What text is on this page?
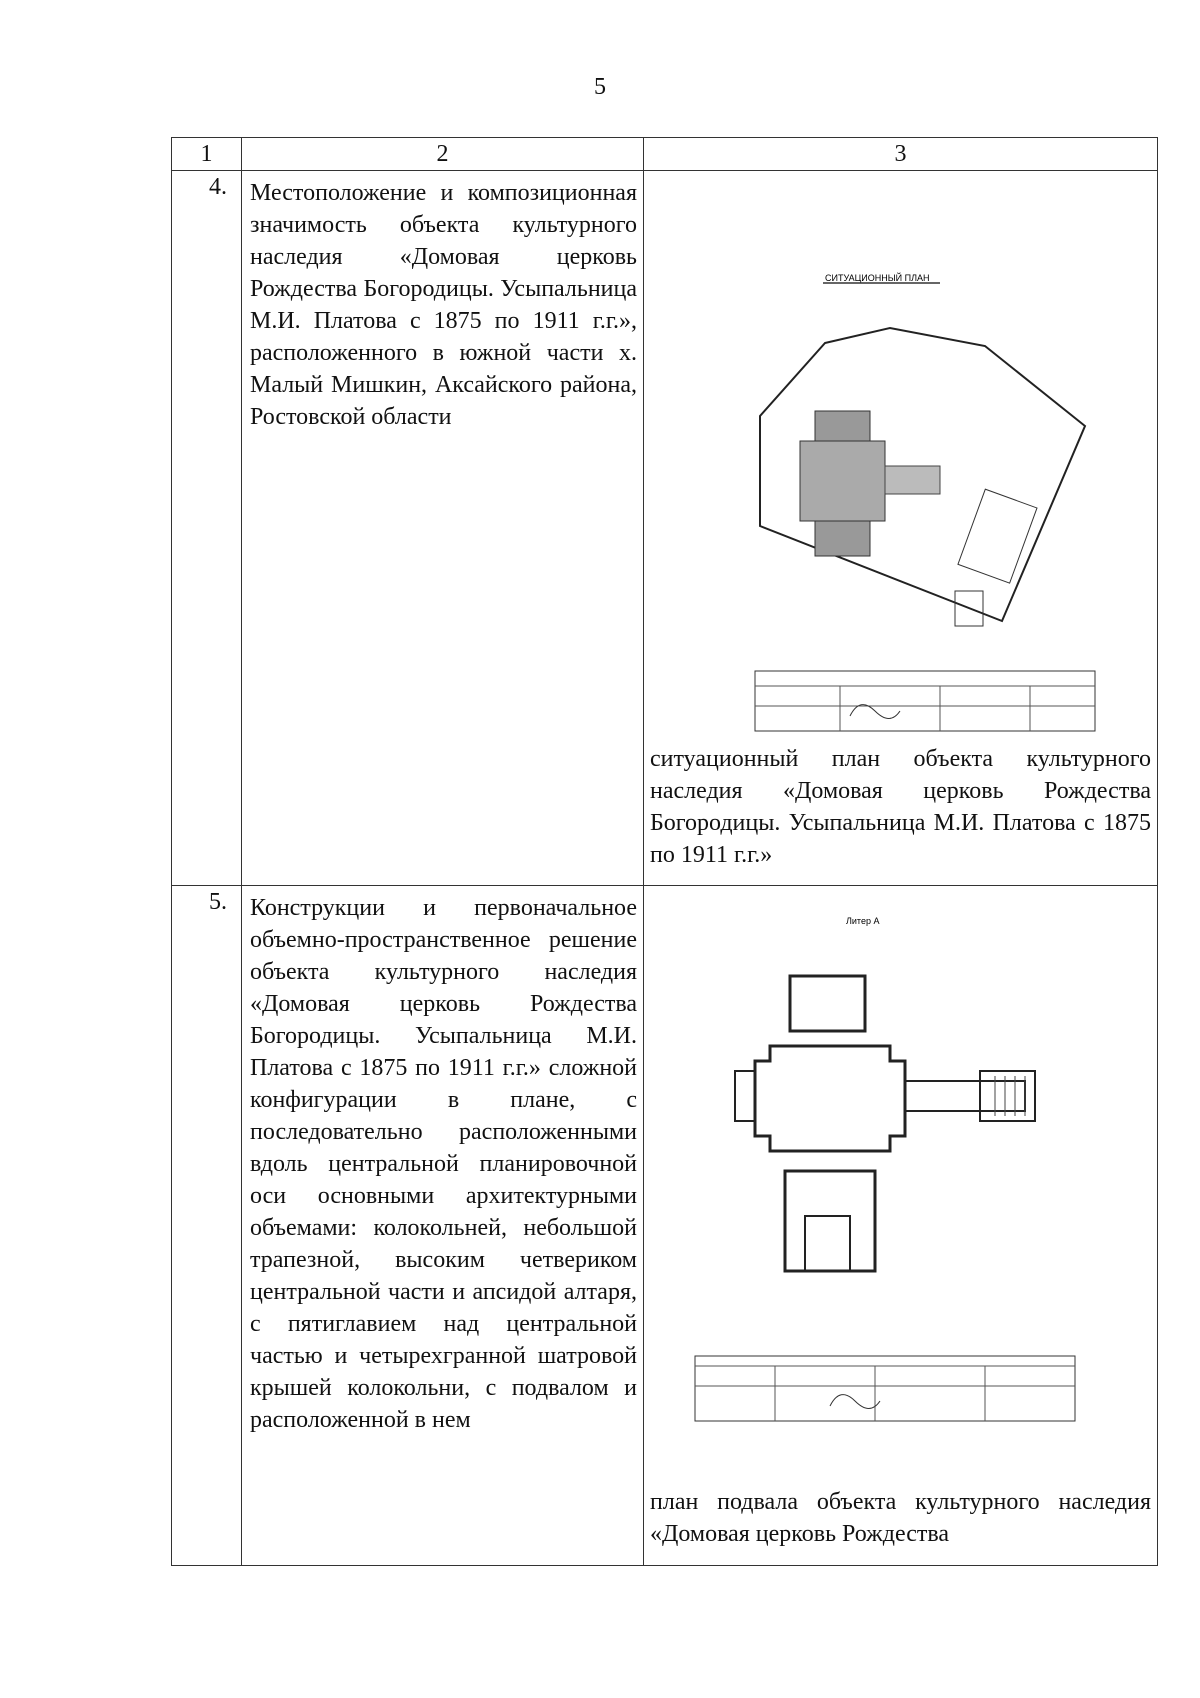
5
1	2	3
4.	Местоположение и композиционная значимость объекта культурного наследия «Домовая церковь Рождества Богородицы. Усыпальница М.И. Платова с 1875 по 1911 г.г.», расположенного в южной части х. Малый Мишкин, Аксайского района, Ростовской области	СИТУАЦИОННЫЙ ПЛАН
ситуационный план объекта культурного наследия «Домовая церковь Рождества Богородицы. Усыпальница М.И. Платова с 1875 по 1911 г.г.»

5.	Конструкции и первоначальное объемно-пространственное решение объекта культурного наследия «Домовая церковь Рождества Богородицы. Усыпальница М.И. Платова с 1875 по 1911 г.г.» сложной конфигурации в плане, с последовательно расположенными вдоль центральной планировочной оси основными архитектурными объемами: колокольней, небольшой трапезной, высоким четвериком центральной части и апсидой алтаря, с пятиглавием над центральной частью и четырехгранной шатровой крышей колокольни, с подвалом и расположенной в нем	Литер А
план подвала объекта культурного наследия «Домовая церковь Рождества
